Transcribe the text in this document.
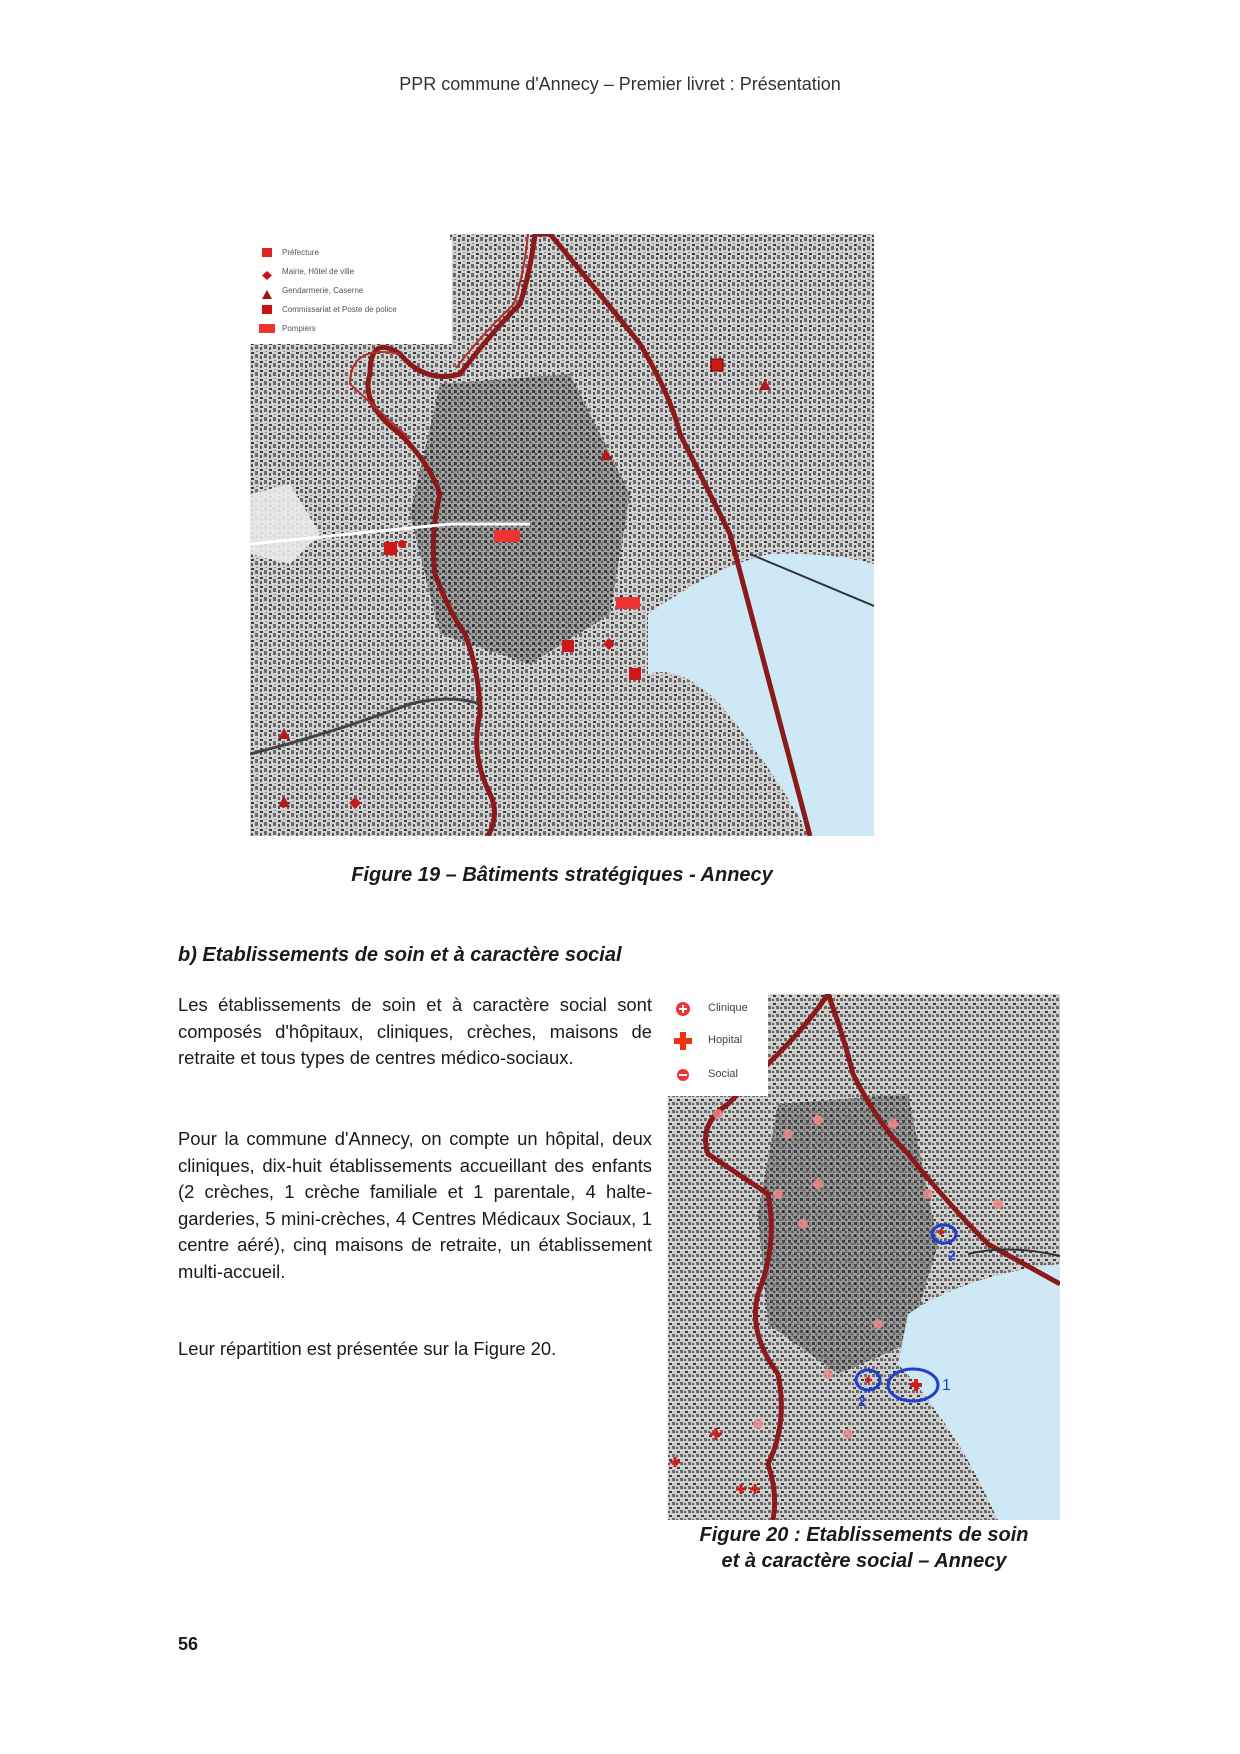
PPR commune d'Annecy – Premier livret : Présentation
Préfecture
Mairie, Hôtel de ville
Gendarmerie, Caserne
Commissariat et Poste de police
Pompiers
Figure 19 – Bâtiments stratégiques - Annecy
b) Etablissements de soin et à caractère social
Les établissements de soin et à caractère social sont composés d'hôpitaux, cliniques, crèches, maisons de retraite et tous types de centres médico-sociaux.
Pour la commune d'Annecy, on compte un hôpital, deux cliniques, dix-huit établissements accueillant des enfants (2 crèches, 1 crèche familiale et 1 parentale, 4 halte-garderies, 5 mini-crèches, 4 Centres Médicaux Sociaux, 1 centre aéré), cinq maisons de retraite, un établissement multi-accueil.
Leur répartition est présentée sur la Figure 20.
1
2
2
Clinique
Hopital
Social
Figure 20 : Etablissements de soin
et à caractère social – Annecy
56
